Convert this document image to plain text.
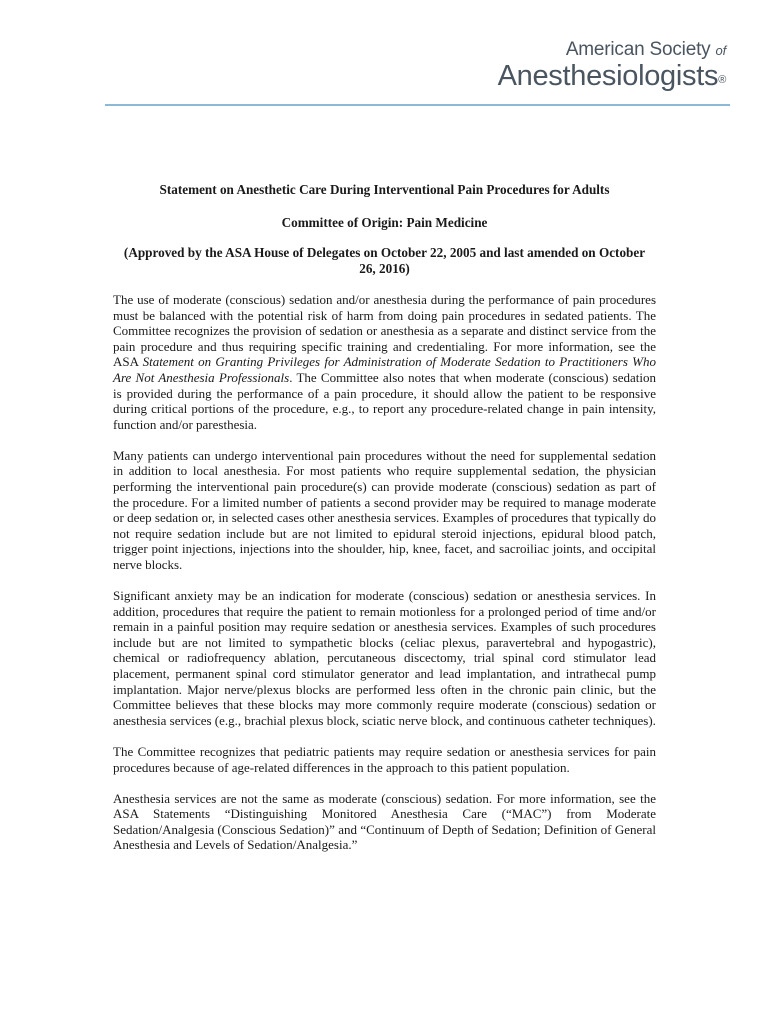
American Society of
Anesthesiologists®
Statement on Anesthetic Care During Interventional Pain Procedures for Adults
Committee of Origin: Pain Medicine
(Approved by the ASA House of Delegates on October 22, 2005 and last amended on October 26, 2016)

The use of moderate (conscious) sedation and/or anesthesia during the performance of pain procedures must be balanced with the potential risk of harm from doing pain procedures in sedated patients. The Committee recognizes the provision of sedation or anesthesia as a separate and distinct service from the pain procedure and thus requiring specific training and credentialing. For more information, see the ASA Statement on Granting Privileges for Administration of Moderate Sedation to Practitioners Who Are Not Anesthesia Professionals. The Committee also notes that when moderate (conscious) sedation is provided during the performance of a pain procedure, it should allow the patient to be responsive during critical portions of the procedure, e.g., to report any procedure-related change in pain intensity, function and/or paresthesia.

Many patients can undergo interventional pain procedures without the need for supplemental sedation in addition to local anesthesia. For most patients who require supplemental sedation, the physician performing the interventional pain procedure(s) can provide moderate (conscious) sedation as part of the procedure. For a limited number of patients a second provider may be required to manage moderate or deep sedation or, in selected cases other anesthesia services. Examples of procedures that typically do not require sedation include but are not limited to epidural steroid injections, epidural blood patch, trigger point injections, injections into the shoulder, hip, knee, facet, and sacroiliac joints, and occipital nerve blocks.

Significant anxiety may be an indication for moderate (conscious) sedation or anesthesia services. In addition, procedures that require the patient to remain motionless for a prolonged period of time and/or remain in a painful position may require sedation or anesthesia services. Examples of such procedures include but are not limited to sympathetic blocks (celiac plexus, paravertebral and hypogastric), chemical or radiofrequency ablation, percutaneous discectomy, trial spinal cord stimulator lead placement, permanent spinal cord stimulator generator and lead implantation, and intrathecal pump implantation. Major nerve/plexus blocks are performed less often in the chronic pain clinic, but the Committee believes that these blocks may more commonly require moderate (conscious) sedation or anesthesia services (e.g., brachial plexus block, sciatic nerve block, and continuous catheter techniques).

The Committee recognizes that pediatric patients may require sedation or anesthesia services for pain procedures because of age-related differences in the approach to this patient population.

Anesthesia services are not the same as moderate (conscious) sedation. For more information, see the ASA Statements “Distinguishing Monitored Anesthesia Care (“MAC”) from Moderate Sedation/Analgesia (Conscious Sedation)” and “Continuum of Depth of Sedation; Definition of General Anesthesia and Levels of Sedation/Analgesia.”
